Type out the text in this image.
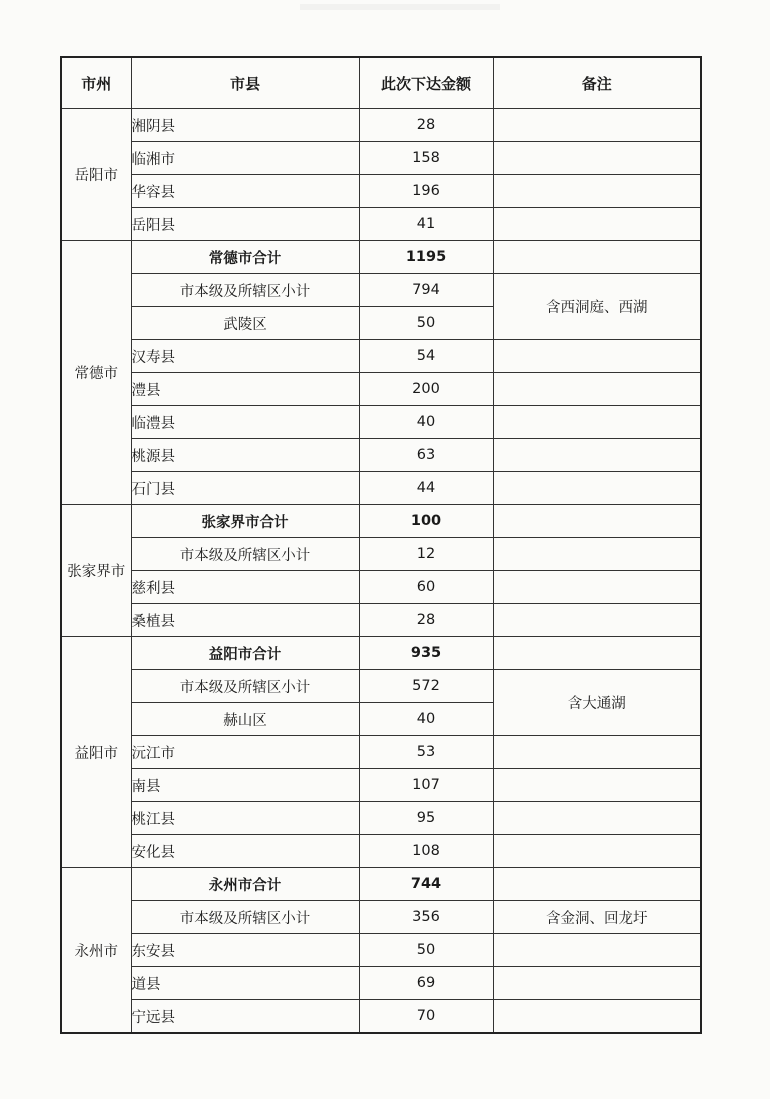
市州	市县	此次下达金额	备注
岳阳市	湘阴县	28	
	临湘市	158	
	华容县	196	
	岳阳县	41	
常德市	常德市合计	1195	
	市本级及所辖区小计	794	含西洞庭、西湖
	武陵区	50	
	汉寿县	54	
	澧县	200	
	临澧县	40	
	桃源县	63	
	石门县	44	
张家界市	张家界市合计	100	
	市本级及所辖区小计	12	
	慈利县	60	
	桑植县	28	
益阳市	益阳市合计	935	
	市本级及所辖区小计	572	含大通湖
	赫山区	40	
	沅江市	53	
	南县	107	
	桃江县	95	
	安化县	108	
永州市	永州市合计	744	
	市本级及所辖区小计	356	含金洞、回龙圩
	东安县	50	
	道县	69	
	宁远县	70	
